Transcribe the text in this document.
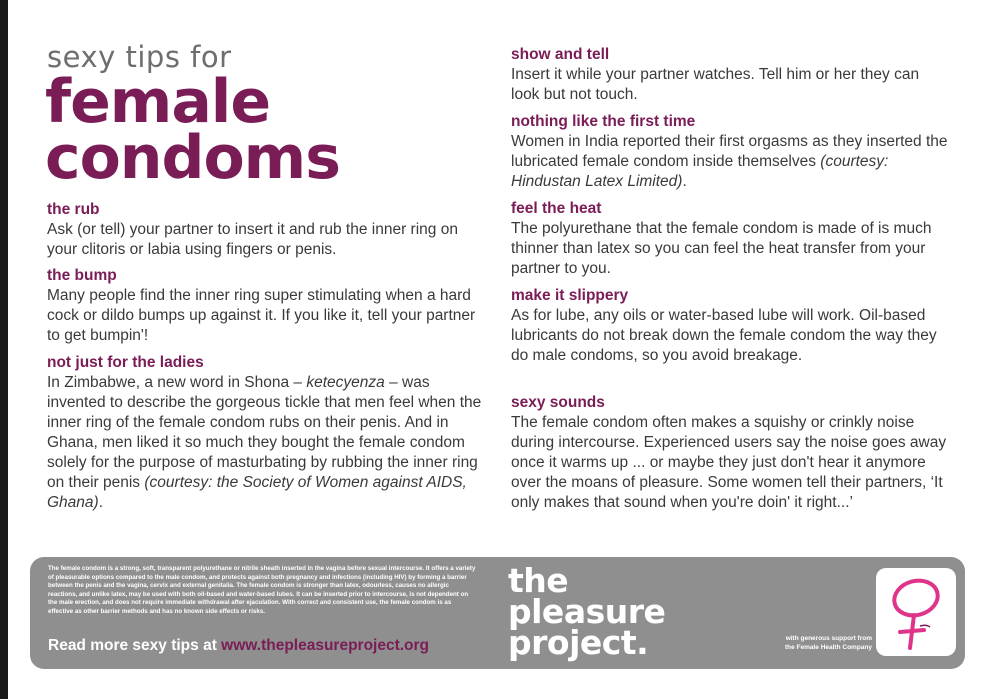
sexy tips for
female
condoms
the rub

Ask (or tell) your partner to insert it and rub the inner ring on your clitoris or labia using fingers or penis.

the bump

Many people find the inner ring super stimulating when a hard cock or dildo bumps up against it. If you like it, tell your partner to get bumpin'!

not just for the ladies

In Zimbabwe, a new word in Shona – ketecyenza – was invented to describe the gorgeous tickle that men feel when the inner ring of the female condom rubs on their penis. And in Ghana, men liked it so much they bought the female condom solely for the purpose of masturbating by rubbing the inner ring on their penis (courtesy: the Society of Women against AIDS, Ghana).

show and tell

Insert it while your partner watches. Tell him or her they can look but not touch.

nothing like the first time

Women in India reported their first orgasms as they inserted the lubricated female condom inside themselves (courtesy: Hindustan Latex Limited).

feel the heat

The polyurethane that the female condom is made of is much thinner than latex so you can feel the heat transfer from your partner to you.

make it slippery

As for lube, any oils or water-based lube will work. Oil-based lubricants do not break down the female condom the way they do male condoms, so you avoid breakage.

sexy sounds

The female condom often makes a squishy or crinkly noise during intercourse. Experienced users say the noise goes away once it warms up ... or maybe they just don't hear it anymore over the moans of pleasure. Some women tell their partners, ‘It only makes that sound when you're doin' it right...’

The female condom is a strong, soft, transparent polyurethane or nitrile sheath inserted in the vagina before sexual intercourse. It offers a variety of pleasurable options compared to the male condom, and protects against both pregnancy and infections (including HIV) by forming a barrier between the penis and the vagina, cervix and external genitalia. The female condom is stronger than latex, odourless, causes no allergic reactions, and unlike latex, may be used with both oil-based and water-based lubes. It can be inserted prior to intercourse, is not dependent on the male erection, and does not require immediate withdrawal after ejaculation. With correct and consistent use, the female condom is as effective as other barrier methods and has no known side effects or risks.
Read more sexy tips at www.thepleasureproject.org
the
pleasure
project.	with generous support from
the Female Health Company
